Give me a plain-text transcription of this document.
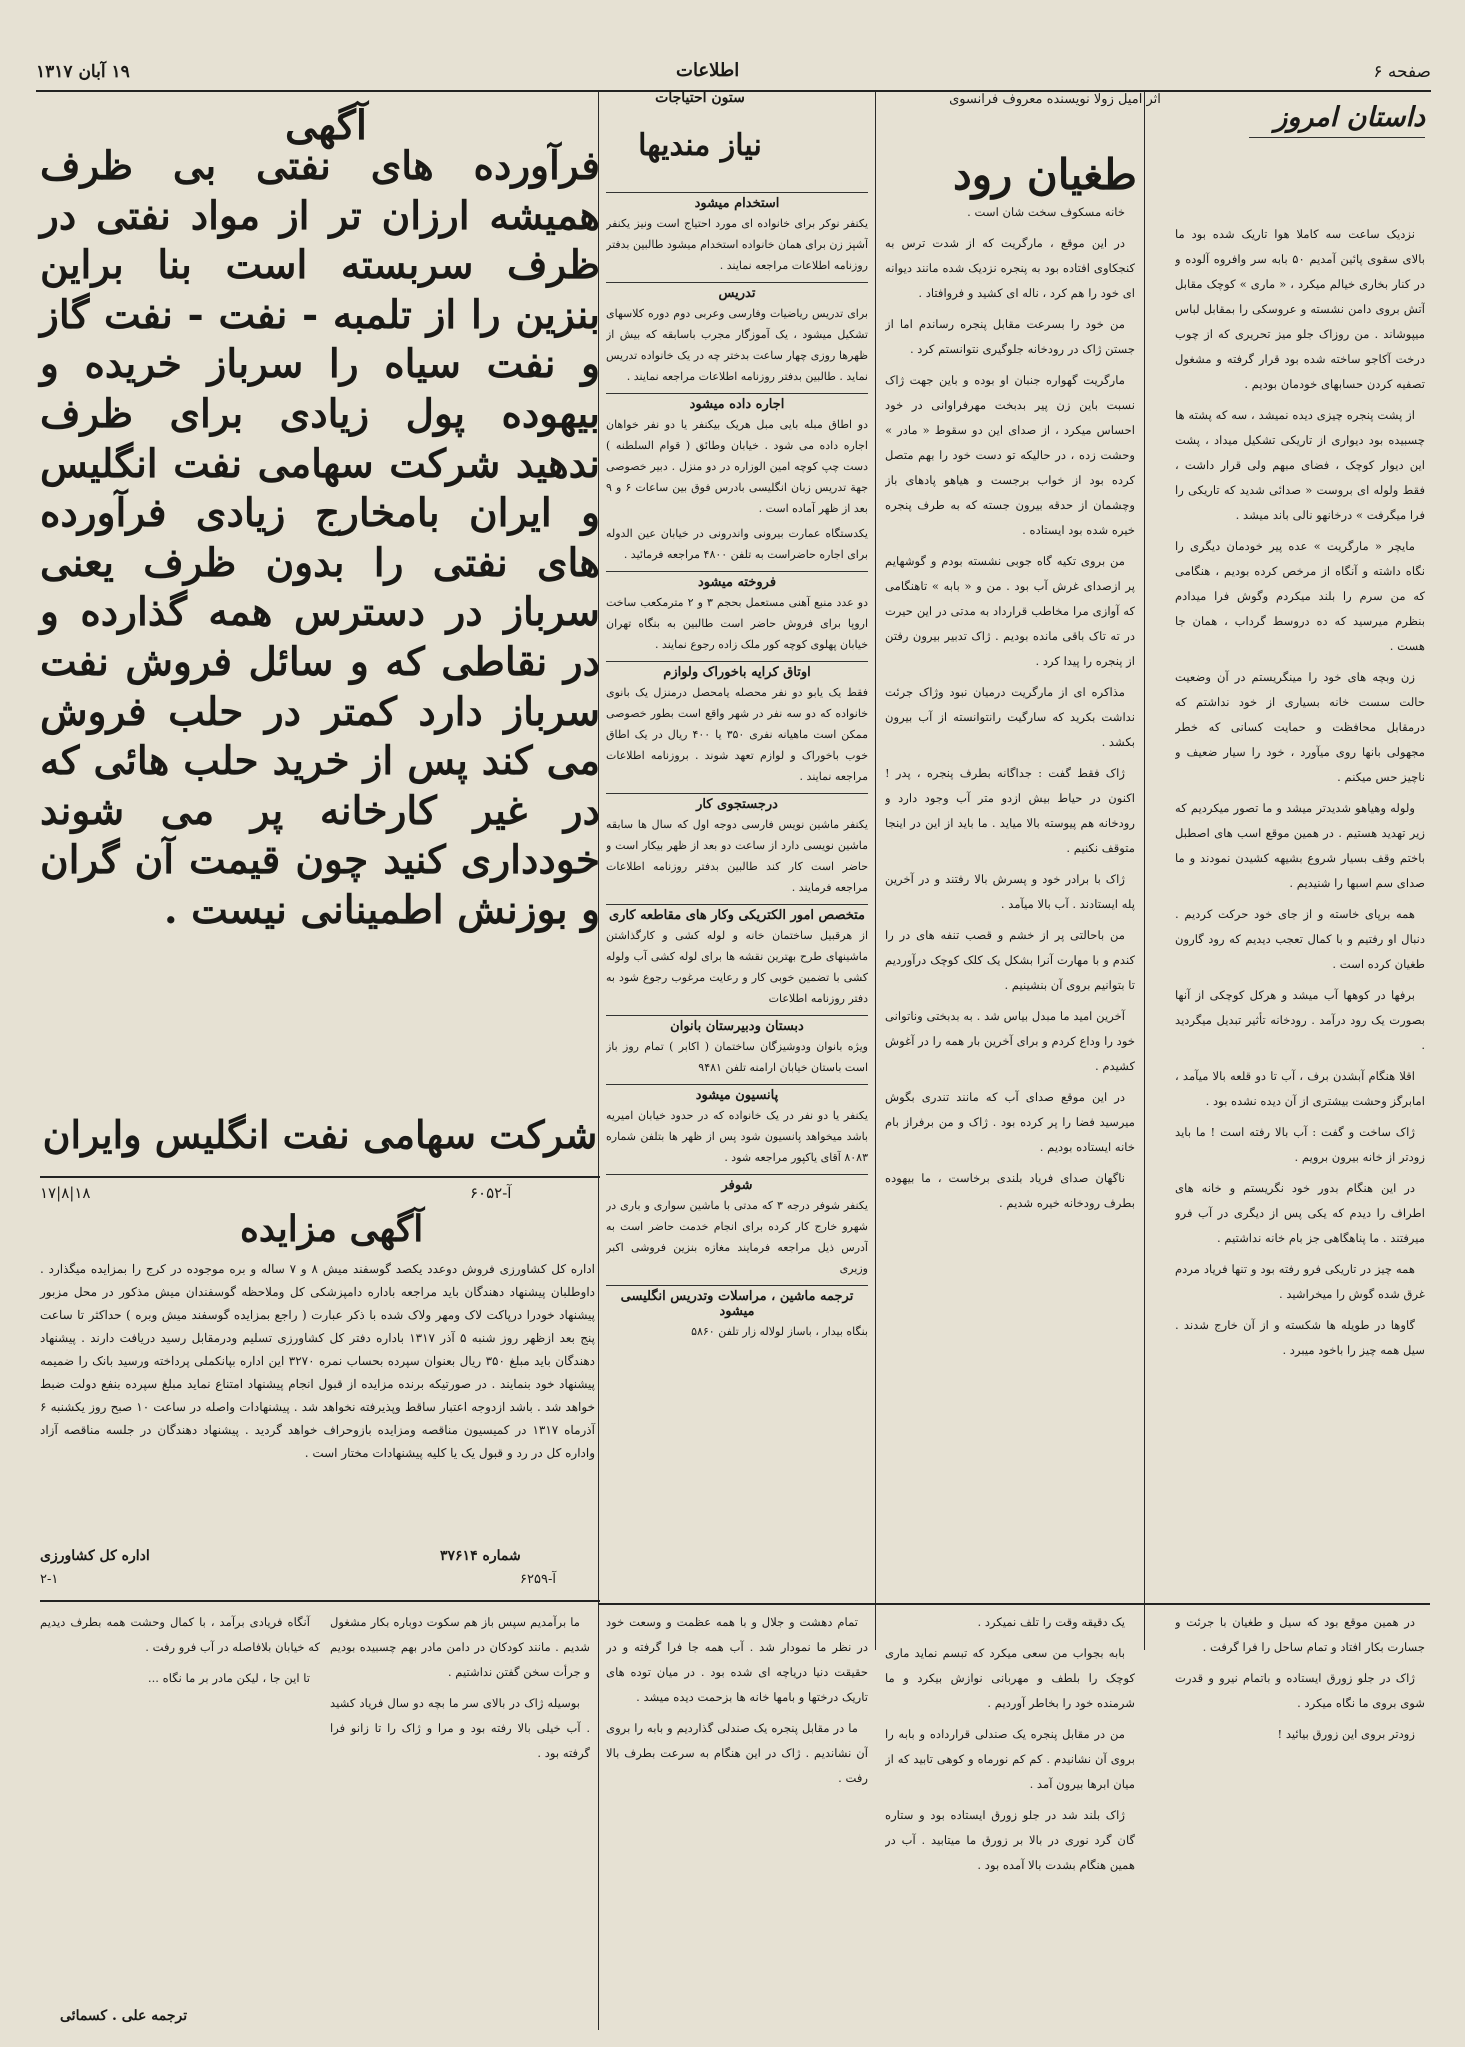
صفحه ۶
اطلاعات
۱۹ آبان ۱۳۱۷
داستان امروز
اثر امیل زولا نویسنده معروف فرانسوی
طغیان رود

نزدیک ساعت سه کاملا هوا تاریک شده بود ما بالای سقوی پائین آمدیم ۵۰ بابه سر وافروه آلوده و در کنار بخاری خیالم میکرد ، « ماری » کوچک مقابل آتش بروی دامن نشسته و عروسکی را بمقابل لباس میپوشاند . من روزاک جلو میز تحریری که از چوب درخت آکاجو ساخته شده بود قرار گرفته و مشغول تصفیه کردن حسابهای خودمان بودیم .

از پشت پنجره چیزی دیده نمیشد ، سه که پشته ها چسبیده بود دیواری از تاریکی تشکیل میداد ، پشت این دیوار کوچک ، فضای مبهم ولی قرار داشت ، فقط ولوله ای بروست « صدائی شدید که تاریکی را فرا میگرفت » درخانهو نالی باند میشد .

مایچر « مارگریت » عده پیر خودمان دیگری را نگاه داشته و آنگاه از مرخص کرده بودیم ، هنگامی که من سرم را بلند میکردم وگوش فرا میدادم بنظرم میرسید که ده دروسط گرداب ، همان جا هست .

زن وبچه های خود را مینگریستم در آن وضعیت حالت سست خانه بسیاری از خود نداشتم که درمقابل محافظت و حمایت کسانی که خطر مجهولی بانها روی میآورد ، خود را سیار ضعیف و ناچیز حس میکنم .

ولوله وهیاهو شدیدتر میشد و ما تصور میکردیم که زیر تهدید هستیم . در همین موقع اسب های اصطبل باختم وقف بسیار شروع بشیهه کشیدن نمودند و ما صدای سم اسبها را شنیدیم .

همه برپای خاسته و از جای خود حرکت کردیم . دنبال او رفتیم و با کمال تعجب دیدیم که رود گارون طغیان کرده است .

برفها در کوهها آب میشد و هرکل کوچکی از آنها بصورت یک رود درآمد . رودخانه تأثیر تبدیل میگردید .

اقلا هنگام آبشدن برف ، آب تا دو قلعه بالا میآمد ، امابرگز وحشت بیشتری از آن دیده نشده بود .

ژاک ساخت و گفت : آب بالا رفته است ! ما باید زودتر از خانه بیرون برویم .

در این هنگام بدور خود نگریستم و خانه های اطراف را دیدم که یکی پس از دیگری در آب فرو میرفتند . ما پناهگاهی جز بام خانه نداشتیم .

همه چیز در تاریکی فرو رفته بود و تنها فریاد مردم غرق شده گوش را میخراشید .

گاوها در طویله ها شکسته و از آن خارج شدند . سیل همه چیز را باخود میبرد .

خانه مسکوف سخت شان است .

در این موقع ، مارگریت که از شدت ترس به کنجکاوی افتاده بود به پنجره نزدیک شده مانند دیوانه ای خود را هم کرد ، ناله ای کشید و فروافتاد .

من خود را بسرعت مقابل پنجره رساندم اما از جستن ژاک در رودخانه جلوگیری نتوانستم کرد .

مارگریت گهواره جنبان او بوده و باین جهت ژاک نسبت باین زن پیر بدبخت مهرفراوانی در خود احساس میکرد ، از صدای این دو سقوط « مادر » وحشت زده ، در حالیکه تو دست خود را بهم متصل کرده بود از خواب برجست و هیاهو پادهای باز وچشمان از حدقه بیرون جسته که به طرف پنجره خیره شده بود ایستاده .

من بروی تکیه گاه جوبی نشسته بودم و گوشهایم پر ازصدای غرش آب بود . من و « بابه » تاهنگامی که آوازی مرا مخاطب قرارداد به مدتی در این حیرت در ته تاک باقی مانده بودیم . ژاک تدبیر بیرون رفتن از پنجره را پیدا کرد .

مذاکره ای از مارگریت درمیان نبود وژاک جرئت نداشت بکرید که سارگیت رانتوانسته از آب بیرون بکشد .

ژاک فقط گفت : جداگانه بطرف پنجره ، پدر ! اکنون در حیاط بیش ازدو متر آب وجود دارد و رودخانه هم پیوسته بالا میاید . ما باید از این در اینجا متوقف نکنیم .

ژاک با برادر خود و پسرش بالا رفتند و در آخرین پله ایستادند . آب بالا میآمد .

من باحالتی پر از خشم و قصب تنفه های در را کندم و با مهارت آنرا بشکل یک کلک کوچک درآوردیم تا بتوانیم بروی آن بنشینیم .

آخرین امید ما مبدل بیاس شد . به بدبختی وناتوانی خود را وداع کردم و برای آخرین بار همه را در آغوش کشیدم .

در این موقع صدای آب که مانند تندری بگوش میرسید فضا را پر کرده بود . ژاک و من برفراز بام خانه ایستاده بودیم .

ناگهان صدای فریاد بلندی برخاست ، ما بیهوده بطرف رودخانه خیره شدیم .

ستون احتیاجات
نیاز مندیها
استخدام میشود

یکنفر نوکر برای خانواده ای مورد احتیاج است ونیز یکنفر آشپز زن برای همان خانواده استخدام میشود طالبین بدفتر روزنامه اطلاعات مراجعه نمایند .

تدریس

برای تدریس ریاضیات وفارسی وعربی دوم دوره کلاسهای تشکیل میشود ، یک آموزگار مجرب باسابقه که بیش از ظهرها روزی چهار ساعت بدختر چه در یک خانواده تدریس نماید . طالبین بدفتر روزنامه اطلاعات مراجعه نمایند .

اجاره داده میشود

دو اطاق مبله بایی مبل هریک بیکنفر یا دو نفر خواهان اجاره داده می شود . خیابان وطائق ( قوام السلطنه ) دست چپ کوچه امین الوزاره در دو منزل . دبیر خصوصی جهة تدریس زبان انگلیسی بادرس فوق بین ساعات ۶ و ۹ بعد از ظهر آماده است .

یکدستگاه عمارت بیرونی واندرونی در خیابان عین الدوله برای اجاره حاضراست به تلفن ۴۸۰۰ مراجعه فرمائید .

فروخته میشود

دو عدد منبع آهنی مستعمل بحجم ۳ و ۲ مترمکعب ساخت اروپا برای فروش حاضر است طالبین به بنگاه تهران خیابان پهلوی کوچه کور ملک زاده رجوع نمایند .

اوتاق کرایه باخوراک ولوازم

فقط یک یابو دو نفر محصله یامحصل درمنزل یک بانوی خانواده که دو سه نفر در شهر واقع است بطور خصوصی ممکن است ماهیانه نفری ۳۵۰ یا ۴۰۰ ریال در یک اطاق خوب باخوراک و لوازم تعهد شوند . بروزنامه اطلاعات مراجعه نمایند .

درجستجوی کار

یکنفر ماشین نویس فارسی دوجه اول که سال ها سابقه ماشین نویسی دارد از ساعت دو بعد از ظهر بیکار است و حاضر است کار کند طالبین بدفتر روزنامه اطلاعات مراجعه فرمایند .

متخصص امور الکتریکی وکار های مقاطعه کاری

از هرقبیل ساختمان خانه و لوله کشی و کارگذاشتن ماشینهای طرح بهترین نقشه ها برای لوله کشی آب ولوله کشی با تضمین خوبی کار و رعایت مرغوب رجوع شود به دفتر روزنامه اطلاعات

دبستان ودبیرستان بانوان

ویژه بانوان ودوشیزگان ساختمان ( اکابر ) تمام روز باز است باستان خیابان ارامنه تلفن ۹۴۸۱

پانسیون میشود

یکنفر یا دو نفر در یک خانواده که در حدود خیابان امیریه باشد میخواهد پانسیون شود پس از ظهر ها بتلفن شماره ۸۰۸۳ آقای یاکپور مراجعه شود .

شوفر

یکنفر شوفر درجه ۳ که مدتی با ماشین سواری و باری در شهرو خارج کار کرده برای انجام خدمت حاضر است به آدرس ذیل مراجعه فرمایند مغازه بنزین فروشی اکبر وزیری

ترجمه ماشین ، مراسلات وتدریس انگلیسی میشود

بنگاه بیدار ، باساز لولاله زار تلفن ۵۸۶۰

در همین موقع بود که سیل و طغیان با جرئت و جسارت بکار افتاد و تمام ساحل را فرا گرفت .

ژاک در جلو زورق ایستاده و باتمام نیرو و قدرت شوی بروی ما نگاه میکرد .

زودتر بروی این زورق بیائید !

یک دقیقه وقت را تلف نمیکرد .

بابه بجواب من سعی میکرد که تبسم نماید ماری کوچک را بلطف و مهربانی نوازش بیکرد و ما شرمنده خود را بخاطر آوردیم .

من در مقابل پنجره یک صندلی قرارداده و بابه را بروی آن نشانیدم . کم کم نورماه و کوهی تابید که از میان ابرها بیرون آمد .

ژاک بلند شد در جلو زورق ایستاده بود و ستاره گان گرد نوری در بالا بر زورق ما میتابید . آب در همین هنگام بشدت بالا آمده بود .

تمام دهشت و جلال و با همه عظمت و وسعت خود در نظر ما نمودار شد . آب همه جا فرا گرفته و در حقیقت دنیا دریاچه ای شده بود . در میان توده های تاریک درختها و بامها خانه ها بزحمت دیده میشد .

ما در مقابل پنجره یک صندلی گذاردیم و بابه را بروی آن نشاندیم . ژاک در این هنگام به سرعت بطرف بالا رفت .

ما برآمدیم سپس باز هم سکوت دوباره بکار مشغول شدیم . مانند کودکان در دامن مادر بهم چسبیده بودیم و جرأت سخن گفتن نداشتیم .

بوسیله ژاک در بالای سر ما بچه دو سال فریاد کشید . آب خیلی بالا رفته بود و مرا و ژاک را تا زانو فرا گرفته بود .

آنگاه فریادی برآمد ، با کمال وحشت همه بطرف دیدیم که خیابان بلافاصله در آب فرو رفت .

تا این جا ، لیکن مادر بر ما نگاه ...

ترجمه علی . کسمائی
آگهی
فرآورده های نفتی بی ظرف همیشه ارزان تر از مواد نفتی در ظرف سربسته است بنا براین بنزین را از تلمبه - نفت - نفت گاز و نفت سیاه را سرباز خریده و بیهوده پول زیادی برای ظرف ندهید شرکت سهامی نفت انگلیس و ایران بامخارج زیادی فرآورده های نفتی را بدون ظرف یعنی سرباز در دسترس همه گذارده و در نقاطی که و سائل فروش نفت سرباز دارد کمتر در حلب فروش می کند پس از خرید حلب هائی که در غیر کارخانه پر می شوند خودداری کنید چون قیمت آن گران و بوزنش اطمینانی نیست .
شرکت سهامی نفت انگلیس وایران
آ-۶۰۵۲
۱۸|۸|۱۷
آگهی مزایده
اداره کل کشاورزی فروش دوعدد یکصد گوسفند میش ۸ و ۷ ساله و بره موجوده در کرج را بمزایده میگذارد . داوطلبان پیشنهاد دهندگان باید مراجعه باداره دامپزشکی کل وملاحظه گوسفندان میش مذکور در محل مزبور پیشنهاد خودرا درپاکت لاک ومهر ولاک شده با ذکر عبارت ( راجع بمزایده گوسفند میش وبره ) حداکثر تا ساعت پنج بعد ازظهر روز شنبه ۵ آذر ۱۳۱۷ باداره دفتر کل کشاورزی تسلیم ودرمقابل رسید دریافت دارند . پیشنهاد دهندگان باید مبلغ ۳۵۰ ریال بعنوان سپرده بحساب نمره ۳۲۷۰ این اداره بپانکملی پرداخته ورسید بانک را ضمیمه پیشنهاد خود بنمایند . در صورتیکه برنده مزایده از قبول انجام پیشنهاد امتناع نماید مبلغ سپرده بنفع دولت ضبط خواهد شد . باشد ازدوجه اعتبار ساقط وپذیرفته نخواهد شد . پیشنهادات واصله در ساعت ۱۰ صبح روز یکشنبه ۶ آذرماه ۱۳۱۷ در کمیسیون مناقصه ومزایده بازوحراف خواهد گردید . پیشنهاد دهندگان در جلسه مناقصه آزاد واداره کل در رد و قبول یک یا کلیه پیشنهادات مختار است .
شماره ۳۷۶۱۴
اداره کل کشاورزی
آ-۶۲۵۹
۲-۱
